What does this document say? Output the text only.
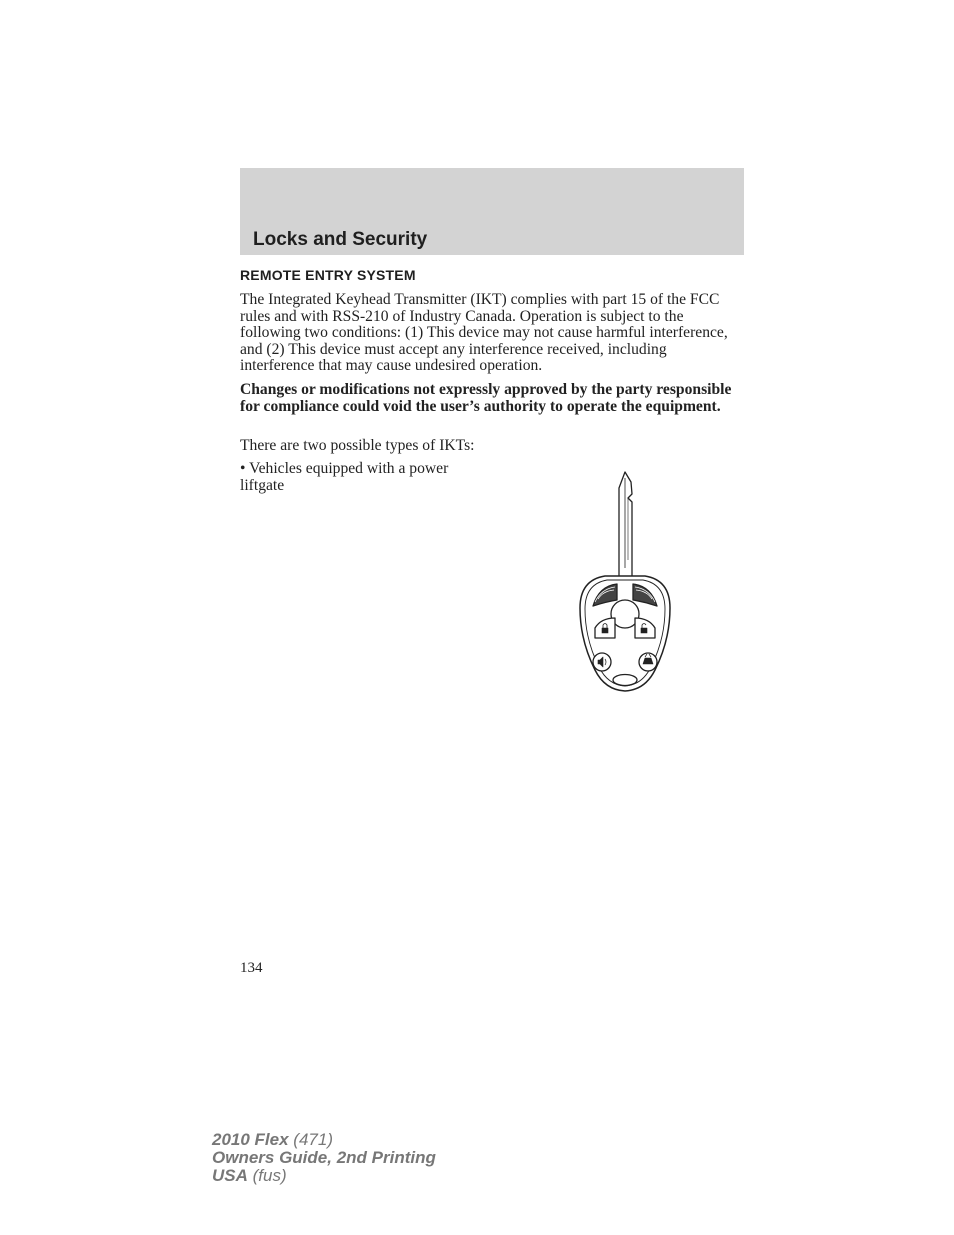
Locks and Security
REMOTE ENTRY SYSTEM
The Integrated Keyhead Transmitter (IKT) complies with part 15 of the FCC rules and with RSS-210 of Industry Canada. Operation is subject to the following two conditions: (1) This device may not cause harmful interference, and (2) This device must accept any interference received, including interference that may cause undesired operation.
Changes or modifications not expressly approved by the party responsible for compliance could void the user’s authority to operate the equipment.
There are two possible types of IKTs:
• Vehicles equipped with a power liftgate
134
2010 Flex (471)
Owners Guide, 2nd Printing
USA (fus)
